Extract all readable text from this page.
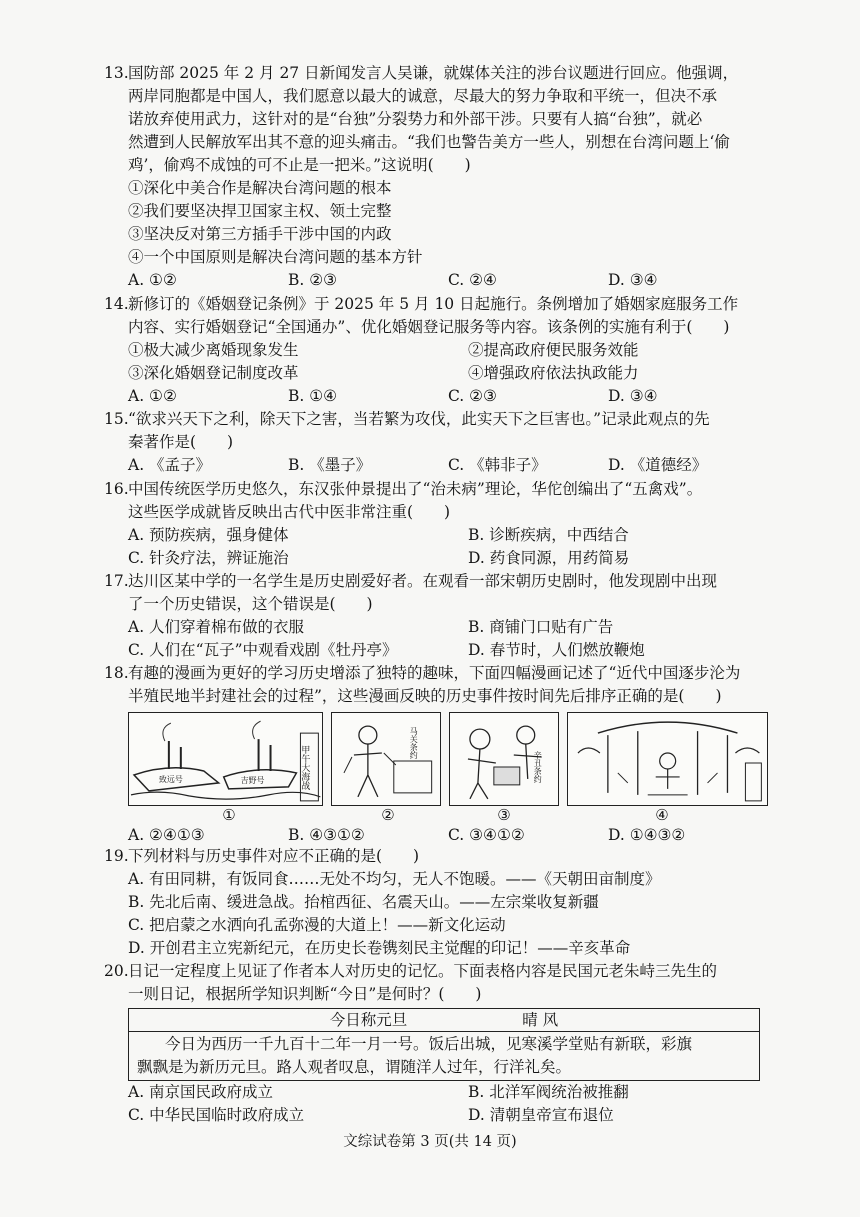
13. 国防部 2025 年 2 月 27 日新闻发言人吴谦，就媒体关注的涉台议题进行回应。他强调，
两岸同胞都是中国人，我们愿意以最大的诚意，尽最大的努力争取和平统一，但决不承
诺放弃使用武力，这针对的是“台独”分裂势力和外部干涉。只要有人搞“台独”，就必
然遭到人民解放军出其不意的迎头痛击。“我们也警告美方一些人，别想在台湾问题上‘偷
鸡’，偷鸡不成蚀的可不止是一把米。”这说明(　　)
①深化中美合作是解决台湾问题的根本
②我们要坚决捍卫国家主权、领土完整
③坚决反对第三方插手干涉中国的内政
④一个中国原则是解决台湾问题的基本方针
A. ①②	B. ②③	C. ②④	D. ③④
14. 新修订的《婚姻登记条例》于 2025 年 5 月 10 日起施行。条例增加了婚姻家庭服务工作
内容、实行婚姻登记“全国通办”、优化婚姻登记服务等内容。该条例的实施有利于(　　)
①极大减少离婚现象发生	②提高政府便民服务效能
③深化婚姻登记制度改革	④增强政府依法执政能力
A. ①②	B. ①④	C. ②③	D. ③④
15. “欲求兴天下之利，除天下之害，当若繁为攻伐，此实天下之巨害也。”记录此观点的先
秦著作是(　　)
A. 《孟子》	B. 《墨子》	C. 《韩非子》	D. 《道德经》
16. 中国传统医学历史悠久，东汉张仲景提出了“治未病”理论，华佗创编出了“五禽戏”。
这些医学成就皆反映出古代中医非常注重(　　)
A. 预防疾病，强身健体	B. 诊断疾病，中西结合
C. 针灸疗法，辨证施治	D. 药食同源，用药简易
17. 达川区某中学的一名学生是历史剧爱好者。在观看一部宋朝历史剧时，他发现剧中出现
了一个历史错误，这个错误是(　　)
A. 人们穿着棉布做的衣服	B. 商铺门口贴有广告
C. 人们在“瓦子”中观看戏剧《牡丹亭》	D. 春节时，人们燃放鞭炮
18. 有趣的漫画为更好的学习历史增添了独特的趣味，下面四幅漫画记述了“近代中国逐步沦为
半殖民地半封建社会的过程”，这些漫画反映的历史事件按时间先后排序正确的是(　　)
致远号	吉野号	甲午大海战
马关条约
辛丑条约
①	②	③	④
A. ②④①③	B. ④③①②	C. ③④①②	D. ①④③②
19. 下列材料与历史事件对应不正确的是(　　)
A. 有田同耕，有饭同食……无处不均匀，无人不饱暖。——《天朝田亩制度》
B. 先北后南、缓进急战。抬棺西征、名震天山。——左宗棠收复新疆
C. 把启蒙之水洒向孔孟弥漫的大道上！——新文化运动
D. 开创君主立宪新纪元，在历史长卷镌刻民主觉醒的印记！——辛亥革命
20. 日记一定程度上见证了作者本人对历史的记忆。下面表格内容是民国元老朱峙三先生的
一则日记，根据所学知识判断“今日”是何时？(　　)
今日称元旦	晴 风
今日为西历一千九百十二年一月一号。饭后出城，见寒溪学堂贴有新联，彩旗
飘飘是为新历元旦。路人观者叹息，谓随洋人过年，行洋礼矣。
A. 南京国民政府成立	B. 北洋军阀统治被推翻
C. 中华民国临时政府成立	D. 清朝皇帝宣布退位
文综试卷第 3 页(共 14 页)
